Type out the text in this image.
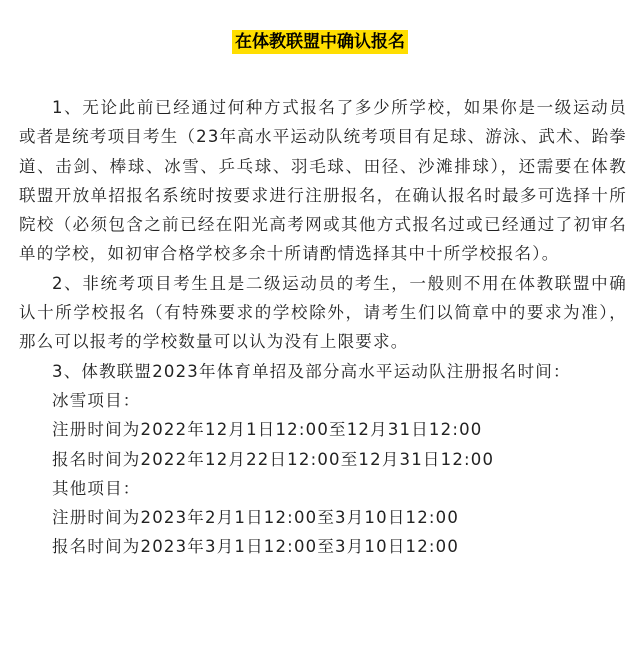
在体教联盟中确认报名

1、无论此前已经通过何种方式报名了多少所学校，如果你是一级运动员或者是统考项目考生（23年高水平运动队统考项目有足球、游泳、武术、跆拳道、击剑、棒球、冰雪、乒乓球、羽毛球、田径、沙滩排球），还需要在体教联盟开放单招报名系统时按要求进行注册报名，在确认报名时最多可选择十所院校（必须包含之前已经在阳光高考网或其他方式报名过或已经通过了初审名单的学校，如初审合格学校多余十所请酌情选择其中十所学校报名）。

2、非统考项目考生且是二级运动员的考生，一般则不用在体教联盟中确认十所学校报名（有特殊要求的学校除外，请考生们以简章中的要求为准），那么可以报考的学校数量可以认为没有上限要求。

3、体教联盟2023年体育单招及部分高水平运动队注册报名时间：

冰雪项目：

注册时间为2022年12月1日12:00至12月31日12:00

报名时间为2022年12月22日12:00至12月31日12:00

其他项目：

注册时间为2023年2月1日12:00至3月10日12:00

报名时间为2023年3月1日12:00至3月10日12:00
